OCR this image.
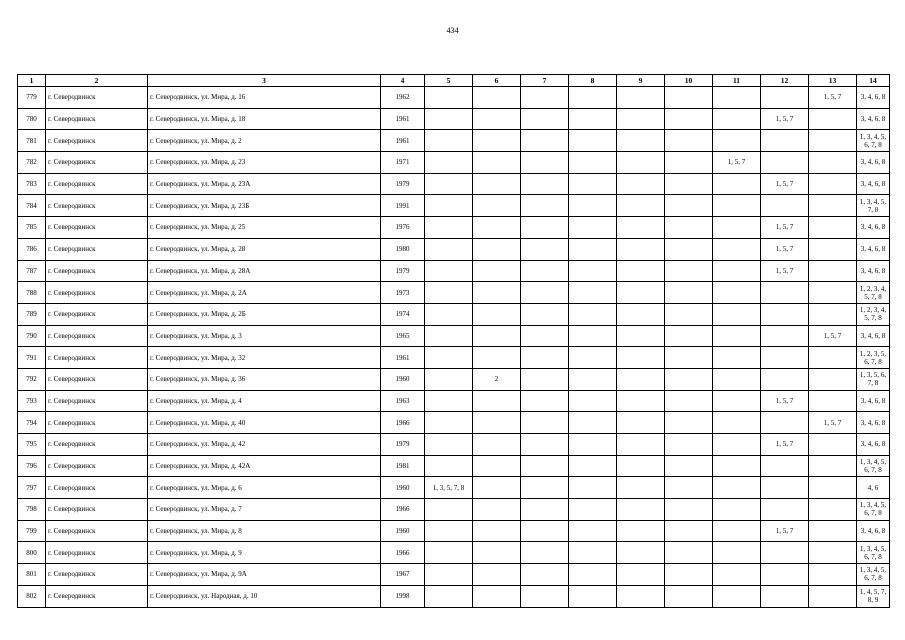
434
1	2	3	4	5	6	7	8	9	10	11	12	13	14
779	г. Северодвинск	г. Северодвинск, ул. Мира, д. 16	1962									1, 5, 7	3, 4, 6, 8
780	г. Северодвинск	г. Северодвинск, ул. Мира, д. 18	1961								1, 5, 7		3, 4, 6, 8
781	г. Северодвинск	г. Северодвинск, ул. Мира, д. 2	1961										1, 3, 4, 5, 6, 7, 8
782	г. Северодвинск	г. Северодвинск, ул. Мира, д. 23	1971							1, 5, 7			3, 4, 6, 8
783	г. Северодвинск	г. Северодвинск, ул. Мира, д. 23А	1979								1, 5, 7		3, 4, 6, 8
784	г. Северодвинск	г. Северодвинск, ул. Мира, д. 23Б	1991										1, 3, 4, 5, 7, 8
785	г. Северодвинск	г. Северодвинск, ул. Мира, д. 25	1976								1, 5, 7		3, 4, 6, 8
786	г. Северодвинск	г. Северодвинск, ул. Мира, д. 28	1980								1, 5, 7		3, 4, 6, 8
787	г. Северодвинск	г. Северодвинск, ул. Мира, д. 28А	1979								1, 5, 7		3, 4, 6, 8
788	г. Северодвинск	г. Северодвинск, ул. Мира, д. 2А	1973										1, 2, 3, 4, 5, 7, 8
789	г. Северодвинск	г. Северодвинск, ул. Мира, д. 2Б	1974										1, 2, 3, 4, 5, 7, 8
790	г. Северодвинск	г. Северодвинск, ул. Мира, д. 3	1965									1, 5, 7	3, 4, 6, 8
791	г. Северодвинск	г. Северодвинск, ул. Мира, д. 32	1961										1, 2, 3, 5, 6, 7, 8
792	г. Северодвинск	г. Северодвинск, ул. Мира, д. 36	1960		2								1, 3, 5, 6, 7, 8
793	г. Северодвинск	г. Северодвинск, ул. Мира, д. 4	1963								1, 5, 7		3, 4, 6, 8
794	г. Северодвинск	г. Северодвинск, ул. Мира, д. 40	1966									1, 5, 7	3, 4, 6, 8
795	г. Северодвинск	г. Северодвинск, ул. Мира, д. 42	1979								1, 5, 7		3, 4, 6, 8
796	г. Северодвинск	г. Северодвинск, ул. Мира, д. 42А	1981										1, 3, 4, 5, 6, 7, 8
797	г. Северодвинск	г. Северодвинск, ул. Мира, д. 6	1960	1, 3, 5, 7, 8									4, 6
798	г. Северодвинск	г. Северодвинск, ул. Мира, д. 7	1966										1, 3, 4, 5, 6, 7, 8
799	г. Северодвинск	г. Северодвинск, ул. Мира, д. 8	1960								1, 5, 7		3, 4, 6, 8
800	г. Северодвинск	г. Северодвинск, ул. Мира, д. 9	1966										1, 3, 4, 5, 6, 7, 8
801	г. Северодвинск	г. Северодвинск, ул. Мира, д. 9А	1967										1, 3, 4, 5, 6, 7, 8
802	г. Северодвинск	г. Северодвинск, ул. Народная, д. 10	1998										1, 4, 5, 7, 8, 9
